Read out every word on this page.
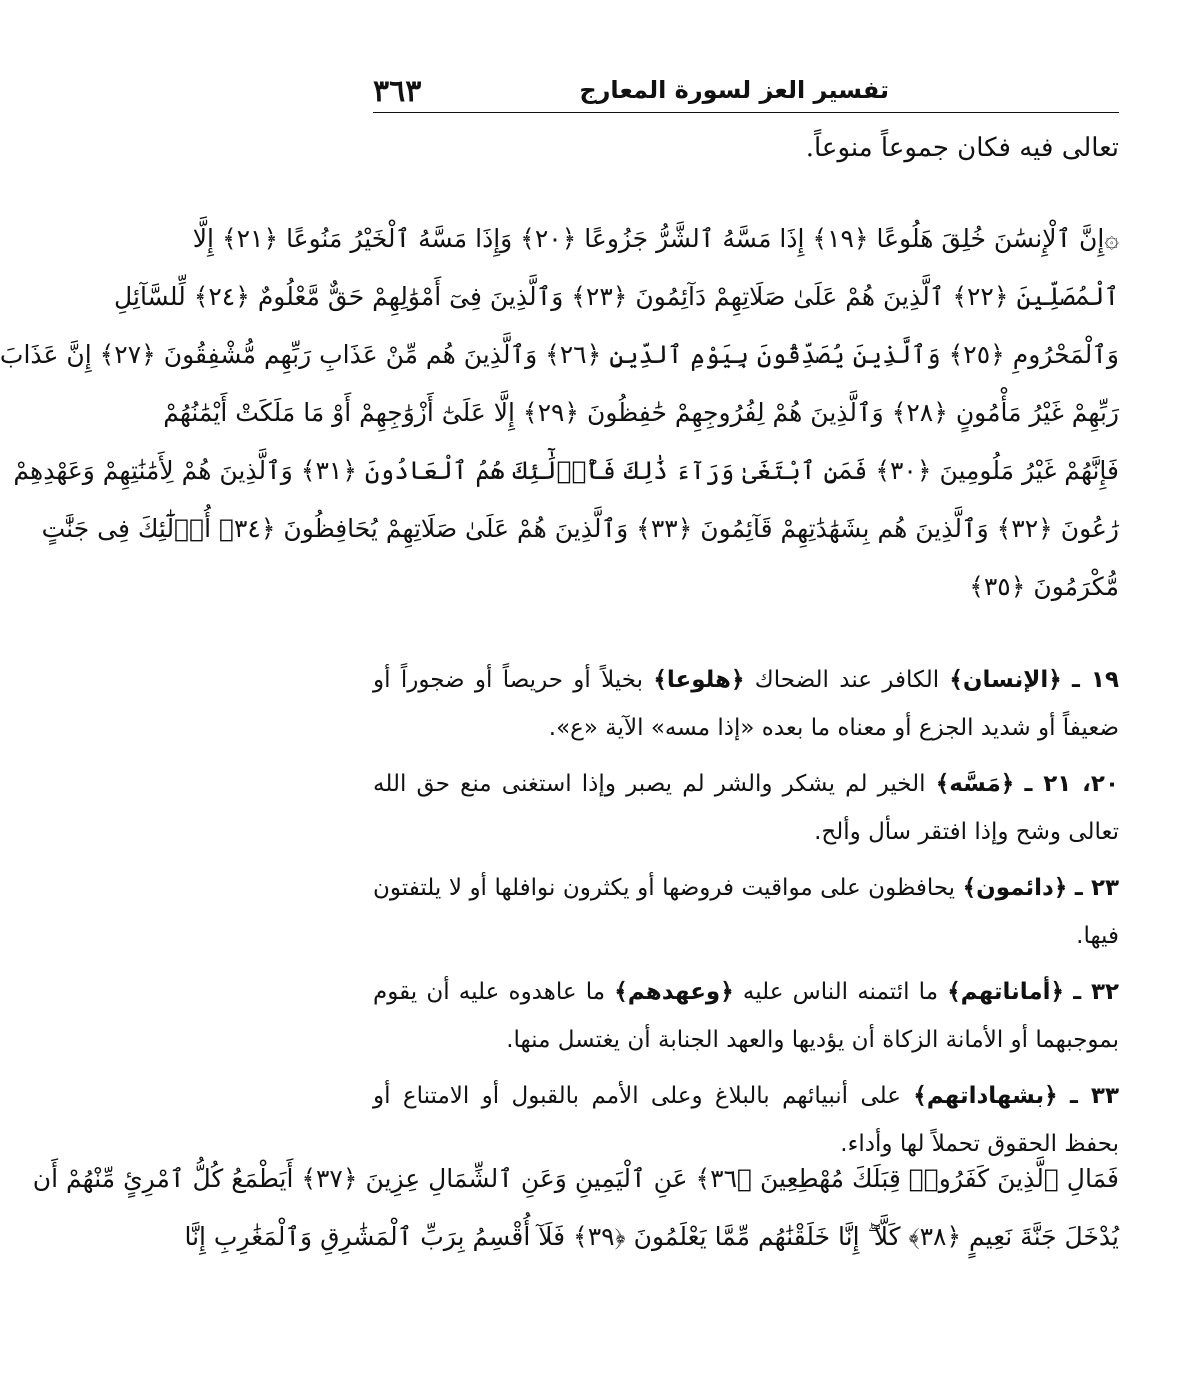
تفسير العز لسورة المعارج
٣٦٣
تعالى فيه فكان جموعاً منوعاً.
۞إِنَّ ٱلْإِنسَٰنَ خُلِقَ هَلُوعًا ﴿١٩﴾ إِذَا مَسَّهُ ٱلشَّرُّ جَزُوعًا ﴿٢٠﴾ وَإِذَا مَسَّهُ ٱلْخَيْرُ مَنُوعًا ﴿٢١﴾ إِلَّا
ٱلْمُصَلِّينَ ﴿٢٢﴾ ٱلَّذِينَ هُمْ عَلَىٰ صَلَاتِهِمْ دَآئِمُونَ ﴿٢٣﴾ وَٱلَّذِينَ فِىٓ أَمْوَٰلِهِمْ حَقٌّ مَّعْلُومٌ ﴿٢٤﴾ لِّلسَّآئِلِ
وَٱلْمَحْرُومِ ﴿٢٥﴾ وَٱلَّذِينَ يُصَدِّقُونَ بِيَوْمِ ٱلدِّينِ ﴿٢٦﴾ وَٱلَّذِينَ هُم مِّنْ عَذَابِ رَبِّهِم مُّشْفِقُونَ ﴿٢٧﴾ إِنَّ عَذَابَ
رَبِّهِمْ غَيْرُ مَأْمُونٍ ﴿٢٨﴾ وَٱلَّذِينَ هُمْ لِفُرُوجِهِمْ حَٰفِظُونَ ﴿٢٩﴾ إِلَّا عَلَىٰٓ أَزْوَٰجِهِمْ أَوْ مَا مَلَكَتْ أَيْمَٰنُهُمْ
فَإِنَّهُمْ غَيْرُ مَلُومِينَ ﴿٣٠﴾ فَمَنِ ٱبْتَغَىٰ وَرَآءَ ذَٰلِكَ فَأُو۟لَٰٓئِكَ هُمُ ٱلْعَادُونَ ﴿٣١﴾ وَٱلَّذِينَ هُمْ لِأَمَٰنَٰتِهِمْ وَعَهْدِهِمْ
رَٰعُونَ ﴿٣٢﴾ وَٱلَّذِينَ هُم بِشَهَٰدَٰتِهِمْ قَآئِمُونَ ﴿٣٣﴾ وَٱلَّذِينَ هُمْ عَلَىٰ صَلَاتِهِمْ يُحَافِظُونَ ﴿٣٤﴾ أُو۟لَٰٓئِكَ فِى جَنَّٰتٍ
مُّكْرَمُونَ ﴿٣٥﴾

١٩ ـ ﴿الإنسان﴾ الكافر عند الضحاك ﴿هلوعا﴾ بخيلاً أو حريصاً أو ضجوراً أو ضعيفاً أو شديد الجزع أو معناه ما بعده «إذا مسه» الآية «ع».

٢٠، ٢١ ـ ﴿مَسَّه﴾ الخير لم يشكر والشر لم يصبر وإذا استغنى منع حق الله تعالى وشح وإذا افتقر سأل وألح.

٢٣ ـ ﴿دائمون﴾ يحافظون على مواقيت فروضها أو يكثرون نوافلها أو لا يلتفتون فيها.

٣٢ ـ ﴿أماناتهم﴾ ما ائتمنه الناس عليه ﴿وعهدهم﴾ ما عاهدوه عليه أن يقوم بموجبهما أو الأمانة الزكاة أن يؤديها والعهد الجنابة أن يغتسل منها.

٣٣ ـ ﴿بشهاداتهم﴾ على أنبيائهم بالبلاغ وعلى الأمم بالقبول أو الامتناع أو بحفظ الحقوق تحملاً لها وأداء.

فَمَالِ ٱلَّذِينَ كَفَرُوا۟ قِبَلَكَ مُهْطِعِينَ ﴿٣٦﴾ عَنِ ٱلْيَمِينِ وَعَنِ ٱلشِّمَالِ عِزِينَ ﴿٣٧﴾ أَيَطْمَعُ كُلُّ ٱمْرِئٍ مِّنْهُمْ أَن
يُدْخَلَ جَنَّةَ نَعِيمٍ ﴿٣٨﴾ كَلَّآ ۖ إِنَّا خَلَقْنَٰهُم مِّمَّا يَعْلَمُونَ ﴿٣٩﴾ فَلَآ أُقْسِمُ بِرَبِّ ٱلْمَشَٰرِقِ وَٱلْمَغَٰرِبِ إِنَّا
